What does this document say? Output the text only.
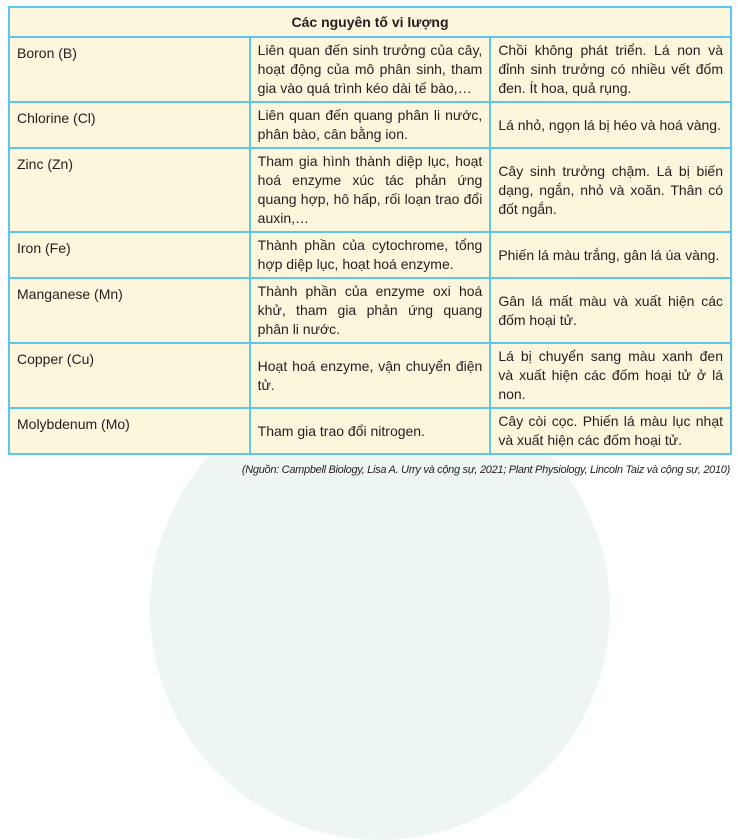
Các nguyên tố vi lượng		
Boron (B)	Liên quan đến sinh trưởng của cây, hoạt động của mô phân sinh, tham gia vào quá trình kéo dài tế bào,…	Chồi không phát triển. Lá non và đỉnh sinh trưởng có nhiều vết đốm đen. Ít hoa, quả rụng.
Chlorine (Cl)	Liên quan đến quang phân li nước, phân bào, cân bằng ion.	Lá nhỏ, ngọn lá bị héo và hoá vàng.
Zinc (Zn)	Tham gia hình thành diệp lục, hoạt hoá enzyme xúc tác phản ứng quang hợp, hô hấp, rối loạn trao đổi auxin,…	Cây sinh trưởng chậm. Lá bị biến dạng, ngắn, nhỏ và xoăn. Thân có đốt ngắn.
Iron (Fe)	Thành phần của cytochrome, tổng hợp diệp lục, hoạt hoá enzyme.	Phiến lá màu trắng, gân lá úa vàng.
Manganese (Mn)	Thành phần của enzyme oxi hoá khử, tham gia phản ứng quang phân li nước.	Gân lá mất màu và xuất hiện các đốm hoại tử.
Copper (Cu)	Hoạt hoá enzyme, vận chuyển điện tử.	Lá bị chuyển sang màu xanh đen và xuất hiện các đốm hoại tử ở lá non.
Molybdenum (Mo)	Tham gia trao đổi nitrogen.	Cây còi cọc. Phiến lá màu lục nhạt và xuất hiện các đốm hoại tử.
(Nguồn: Campbell Biology, Lisa A. Urry và cộng sự, 2021; Plant Physiology, Lincoln Taiz và cộng sự, 2010)
